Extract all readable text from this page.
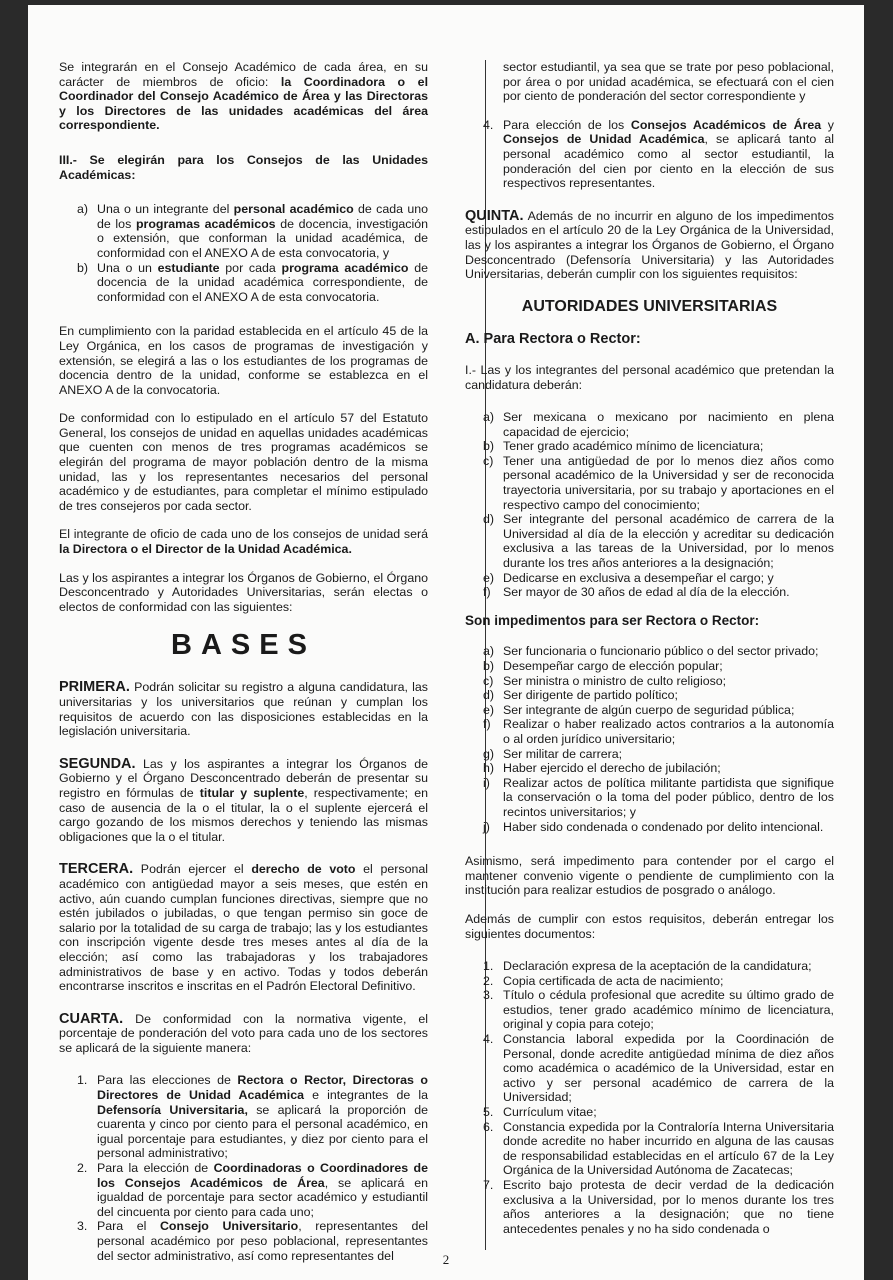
Se integrarán en el Consejo Académico de cada área, en su carácter de miembros de oficio: la Coordinadora o el Coordinador del Consejo Académico de Área y las Directoras y los Directores de las unidades académicas del área correspondiente.

III.- Se elegirán para los Consejos de las Unidades Académicas:

a) Una o un integrante del personal académico de cada uno de los programas académicos de docencia, investigación o extensión, que conforman la unidad académica, de conformidad con el ANEXO A de esta convocatoria, y
b) Una o un estudiante por cada programa académico de docencia de la unidad académica correspondiente, de conformidad con el ANEXO A de esta convocatoria.

En cumplimiento con la paridad establecida en el artículo 45 de la Ley Orgánica, en los casos de programas de investigación y extensión, se elegirá a las o los estudiantes de los programas de docencia dentro de la unidad, conforme se establezca en el ANEXO A de la convocatoria.

De conformidad con lo estipulado en el artículo 57 del Estatuto General, los consejos de unidad en aquellas unidades académicas que cuenten con menos de tres programas académicos se elegirán del programa de mayor población dentro de la misma unidad, las y los representantes necesarios del personal académico y de estudiantes, para completar el mínimo estipulado de tres consejeros por cada sector.

El integrante de oficio de cada uno de los consejos de unidad será la Directora o el Director de la Unidad Académica.

Las y los aspirantes a integrar los Órganos de Gobierno, el Órgano Desconcentrado y Autoridades Universitarias, serán electas o electos de conformidad con las siguientes:

BASES

PRIMERA. Podrán solicitar su registro a alguna candidatura, las universitarias y los universitarios que reúnan y cumplan los requisitos de acuerdo con las disposiciones establecidas en la legislación universitaria.

SEGUNDA. Las y los aspirantes a integrar los Órganos de Gobierno y el Órgano Desconcentrado deberán de presentar su registro en fórmulas de titular y suplente, respectivamente; en caso de ausencia de la o el titular, la o el suplente ejercerá el cargo gozando de los mismos derechos y teniendo las mismas obligaciones que la o el titular.

TERCERA. Podrán ejercer el derecho de voto el personal académico con antigüedad mayor a seis meses, que estén en activo, aún cuando cumplan funciones directivas, siempre que no estén jubilados o jubiladas, o que tengan permiso sin goce de salario por la totalidad de su carga de trabajo; las y los estudiantes con inscripción vigente desde tres meses antes al día de la elección; así como las trabajadoras y los trabajadores administrativos de base y en activo. Todas y todos deberán encontrarse inscritos e inscritas en el Padrón Electoral Definitivo.

CUARTA. De conformidad con la normativa vigente, el porcentaje de ponderación del voto para cada uno de los sectores se aplicará de la siguiente manera:

1. Para las elecciones de Rectora o Rector, Directoras o Directores de Unidad Académica e integrantes de la Defensoría Universitaria, se aplicará la proporción de cuarenta y cinco por ciento para el personal académico, en igual porcentaje para estudiantes, y diez por ciento para el personal administrativo;
2. Para la elección de Coordinadoras o Coordinadores de los Consejos Académicos de Área, se aplicará en igualdad de porcentaje para sector académico y estudiantil del cincuenta por ciento para cada uno;
3. Para el Consejo Universitario, representantes del personal académico por peso poblacional, representantes del sector administrativo, así como representantes del

sector estudiantil, ya sea que se trate por peso poblacional, por área o por unidad académica, se efectuará con el cien por ciento de ponderación del sector correspondiente y

4. Para elección de los Consejos Académicos de Área y Consejos de Unidad Académica, se aplicará tanto al personal académico como al sector estudiantil, la ponderación del cien por ciento en la elección de sus respectivos representantes.

QUINTA. Además de no incurrir en alguno de los impedimentos estipulados en el artículo 20 de la Ley Orgánica de la Universidad, las y los aspirantes a integrar los Órganos de Gobierno, el Órgano Desconcentrado (Defensoría Universitaria) y las Autoridades Universitarias, deberán cumplir con los siguientes requisitos:

AUTORIDADES UNIVERSITARIAS
A. Para Rectora o Rector:

I.- Las y los integrantes del personal académico que pretendan la candidatura deberán:

a) Ser mexicana o mexicano por nacimiento en plena capacidad de ejercicio;
b) Tener grado académico mínimo de licenciatura;
c) Tener una antigüedad de por lo menos diez años como personal académico de la Universidad y ser de reconocida trayectoria universitaria, por su trabajo y aportaciones en el respectivo campo del conocimiento;
d) Ser integrante del personal académico de carrera de la Universidad al día de la elección y acreditar su dedicación exclusiva a las tareas de la Universidad, por lo menos durante los tres años anteriores a la designación;
e) Dedicarse en exclusiva a desempeñar el cargo; y
f) Ser mayor de 30 años de edad al día de la elección.
Son impedimentos para ser Rectora o Rector:
a) Ser funcionaria o funcionario público o del sector privado;
b) Desempeñar cargo de elección popular;
c) Ser ministra o ministro de culto religioso;
d) Ser dirigente de partido político;
e) Ser integrante de algún cuerpo de seguridad pública;
f) Realizar o haber realizado actos contrarios a la autonomía o al orden jurídico universitario;
g) Ser militar de carrera;
h) Haber ejercido el derecho de jubilación;
i) Realizar actos de política militante partidista que signifique la conservación o la toma del poder público, dentro de los recintos universitarios; y
j) Haber sido condenada o condenado por delito intencional.

Asimismo, será impedimento para contender por el cargo el mantener convenio vigente o pendiente de cumplimiento con la institución para realizar estudios de posgrado o análogo.

Además de cumplir con estos requisitos, deberán entregar los siguientes documentos:

1. Declaración expresa de la aceptación de la candidatura;
2. Copia certificada de acta de nacimiento;
3. Título o cédula profesional que acredite su último grado de estudios, tener grado académico mínimo de licenciatura, original y copia para cotejo;
4. Constancia laboral expedida por la Coordinación de Personal, donde acredite antigüedad mínima de diez años como académica o académico de la Universidad, estar en activo y ser personal académico de carrera de la Universidad;
5. Currículum vitae;
6. Constancia expedida por la Contraloría Interna Universitaria donde acredite no haber incurrido en alguna de las causas de responsabilidad establecidas en el artículo 67 de la Ley Orgánica de la Universidad Autónoma de Zacatecas;
7. Escrito bajo protesta de decir verdad de la dedicación exclusiva a la Universidad, por lo menos durante los tres años anteriores a la designación; que no tiene antecedentes penales y no ha sido condenada o
2
